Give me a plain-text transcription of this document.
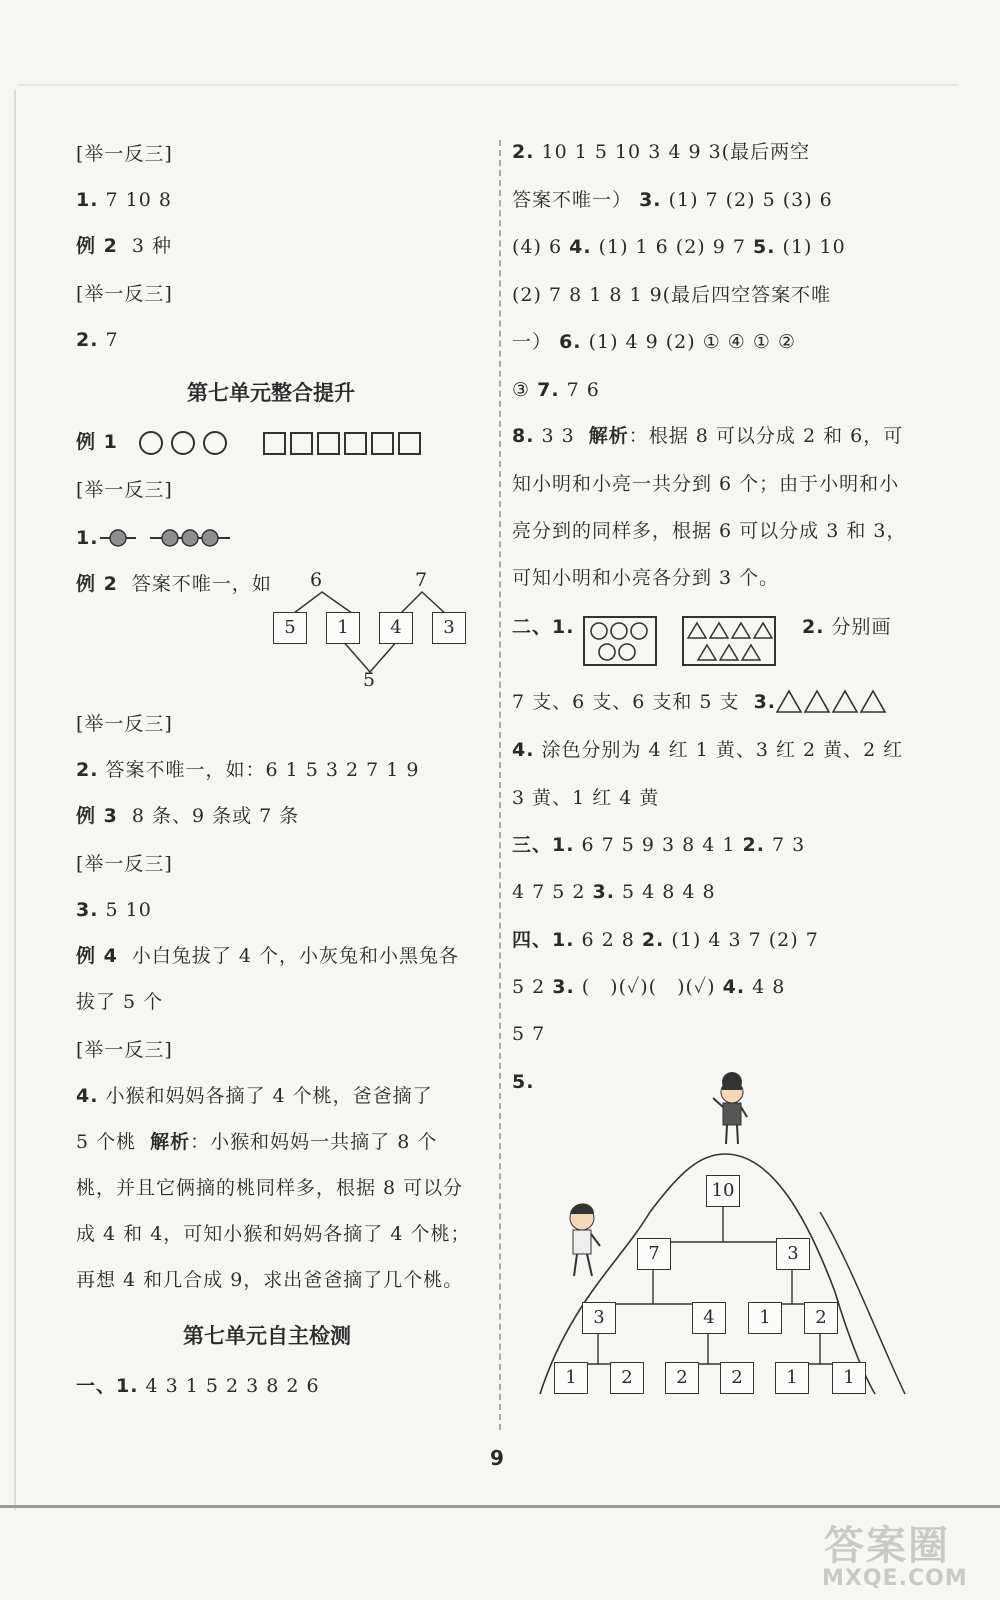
[举一反三]
1. 7 10 8
例 2 3 种
[举一反三]
2. 7
第七单元整合提升
例 1
[举一反三]
1.
例 2 答案不唯一，如 6	7
5	1	4	3
5
[举一反三]
2. 答案不唯一，如：6 1 5 3 2 7 1 9
例 3 8 条、9 条或 7 条
[举一反三]
3. 5 10
例 4 小白兔拔了 4 个，小灰兔和小黑兔各
拔了 5 个
[举一反三]
4. 小猴和妈妈各摘了 4 个桃，爸爸摘了
5 个桃 解析：小猴和妈妈一共摘了 8 个
桃，并且它俩摘的桃同样多，根据 8 可以分
成 4 和 4，可知小猴和妈妈各摘了 4 个桃；
再想 4 和几合成 9，求出爸爸摘了几个桃。
第七单元自主检测
一、1. 4 3 1 5 2 3 8 2 6
2. 10 1 5 10 3 4 9 3(最后两空
答案不唯一） 3. (1) 7 (2) 5 (3) 6
(4) 6 4. (1) 1 6 (2) 9 7 5. (1) 10
(2) 7 8 1 8 1 9(最后四空答案不唯
一） 6. (1) 4 9 (2) ① ④ ① ②
③ 7. 7 6
8. 3 3 解析：根据 8 可以分成 2 和 6，可
知小明和小亮一共分到 6 个；由于小明和小
亮分到的同样多，根据 6 可以分成 3 和 3，
可知小明和小亮各分到 3 个。
二、1.	2. 分别画
7 支、6 支、6 支和 5 支 3.
4. 涂色分别为 4 红 1 黄、3 红 2 黄、2 红
3 黄、1 红 4 黄
三、1. 6 7 5 9 3 8 4 1 2. 7 3
4 7 5 2 3. 5 4 8 4 8
四、1. 6 2 8 2. (1) 4 3 7 (2) 7
5 2 3. (　)(✓)(　)(✓) 4. 4 8
5 7
5.
10
7	3
3	4	1	2
1	2	2	2	1	1
9
答案圈
MXQE.COM
